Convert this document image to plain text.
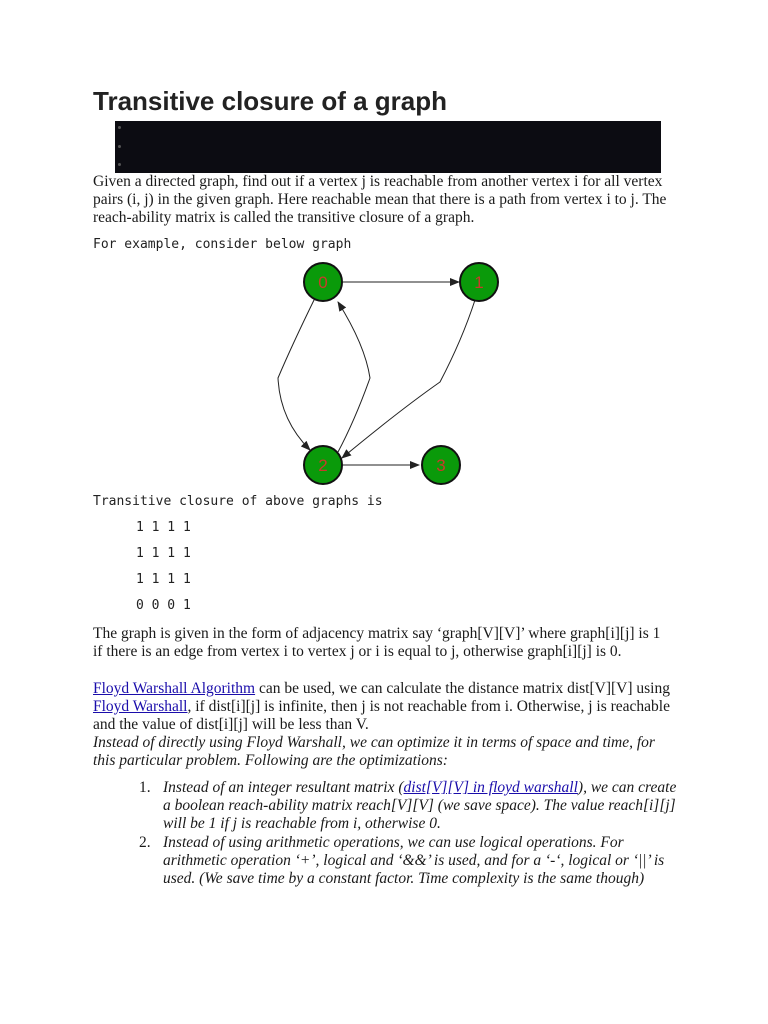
Transitive closure of a graph
Given a directed graph, find out if a vertex j is reachable from another vertex i for all vertex pairs (i, j) in the given graph. Here reachable mean that there is a path from vertex i to j. The reach-ability matrix is called the transitive closure of a graph.
For example, consider below graph
0	1
2	3
Transitive closure of above graphs is
1 1 1 1
1 1 1 1
1 1 1 1
0 0 0 1
The graph is given in the form of adjacency matrix say ‘graph[V][V]’ where graph[i][j] is 1 if there is an edge from vertex i to vertex j or i is equal to j, otherwise graph[i][j] is 0.
Floyd Warshall Algorithm can be used, we can calculate the distance matrix dist[V][V] using Floyd Warshall, if dist[i][j] is infinite, then j is not reachable from i. Otherwise, j is reachable and the value of dist[i][j] will be less than V.
Instead of directly using Floyd Warshall, we can optimize it in terms of space and time, for this particular problem. Following are the optimizations:
1. Instead of an integer resultant matrix (dist[V][V] in floyd warshall), we can create a boolean reach-ability matrix reach[V][V] (we save space). The value reach[i][j] will be 1 if j is reachable from i, otherwise 0.
2. Instead of using arithmetic operations, we can use logical operations. For arithmetic operation ‘+’, logical and ‘&&’ is used, and for a ‘-‘, logical or ‘||’ is used. (We save time by a constant factor. Time complexity is the same though)
